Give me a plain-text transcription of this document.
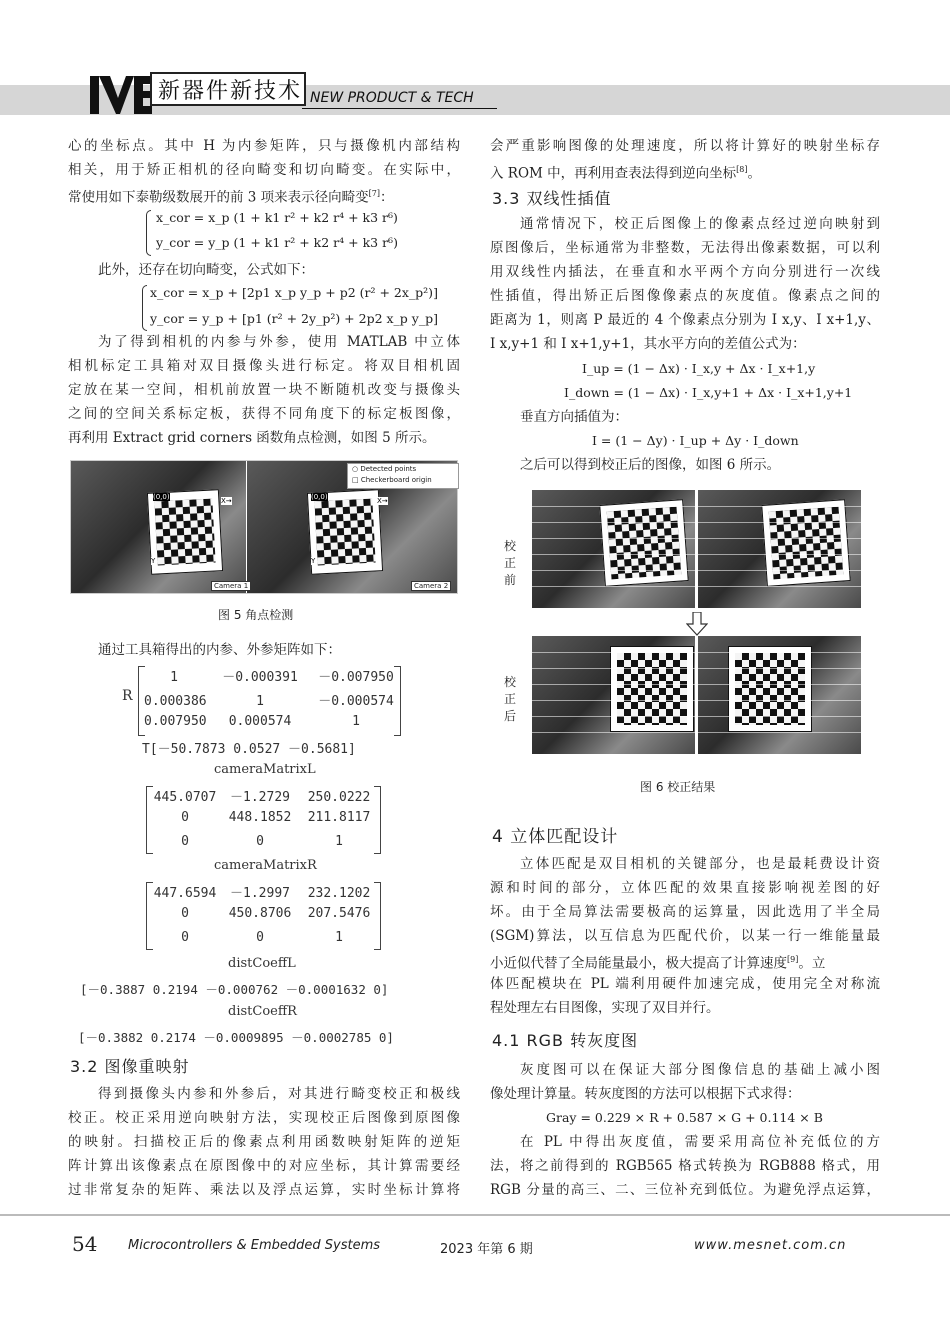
新器件新技术 NEW PRODUCT & TECH
心的坐标点。其中 H 为内参矩阵，只与摄像机内部结构
相关，用于矫正相机的径向畸变和切向畸变。在实际中，
常使用如下泰勒级数展开的前 3 项来表示径向畸变[7]：
x_cor = x_p (1 + k1 r² + k2 r⁴ + k3 r⁶)
y_cor = y_p (1 + k1 r² + k2 r⁴ + k3 r⁶)
此外，还存在切向畸变，公式如下：
x_cor = x_p + [2p1 x_p y_p + p2 (r² + 2x_p²)]
y_cor = y_p + [p1 (r² + 2y_p²) + 2p2 x_p y_p]
为了得到相机的内参与外参，使用 MATLAB 中立体
相机标定工具箱对双目摄像头进行标定。将双目相机固
定放在某一空间，相机前放置一块不断随机改变与摄像头
之间的空间关系标定板，获得不同角度下的标定板图像，
再利用 Extract grid corners 函数角点检测，如图 5 所示。
○ Detected points
□ Checkerboard origin
(0,0)	X→
Y
(0,0)	X→
Y
Camera 1	Camera 2
图 5 角点检测
通过工具箱得出的内参、外参矩阵如下：
R
1	－0.000391 －0.007950
0.000386	1	－0.000574
0.007950 0.000574	1
T[－50.7873 0.0527 －0.5681]
cameraMatrixL
445.0707 －1.2729 250.0222
0	448.1852 211.8117
0	0	1
cameraMatrixR
447.6594 －1.2997 232.1202
0	450.8706 207.5476
0	0	1
distCoeffL
[－0.3887 0.2194 －0.000762 －0.0001632 0]
distCoeffR
[－0.3882 0.2174 －0.0009895 －0.0002785 0]
3.2 图像重映射
得到摄像头内参和外参后，对其进行畸变校正和极线
校正。校正采用逆向映射方法，实现校正后图像到原图像
的映射。扫描校正后的像素点利用函数映射矩阵的逆矩
阵计算出该像素点在原图像中的对应坐标，其计算需要经
过非常复杂的矩阵、乘法以及浮点运算，实时坐标计算将
会严重影响图像的处理速度，所以将计算好的映射坐标存
入 ROM 中，再利用查表法得到逆向坐标[8]。
3.3 双线性插值
通常情况下，校正后图像上的像素点经过逆向映射到
原图像后，坐标通常为非整数，无法得出像素数据，可以利
用双线性内插法，在垂直和水平两个方向分别进行一次线
性插值，得出矫正后图像像素点的灰度值。像素点之间的
距离为 1，则离 P 最近的 4 个像素点分别为 I x,y、I x+1,y、
I x,y+1 和 I x+1,y+1，其水平方向的差值公式为：
I_up = (1 − Δx) · I_x,y + Δx · I_x+1,y
I_down = (1 − Δx) · I_x,y+1 + Δx · I_x+1,y+1
垂直方向插值为：
I = (1 − Δy) · I_up + Δy · I_down
之后可以得到校正后的图像，如图 6 所示。
校正前
校正后
图 6 校正结果
4 立体匹配设计
立体匹配是双目相机的关键部分，也是最耗费设计资
源和时间的部分，立体匹配的效果直接影响视差图的好
坏。由于全局算法需要极高的运算量，因此选用了半全局
(SGM)算法，以互信息为匹配代价，以某一行一维能量最
小近似代替了全局能量最小，极大提高了计算速度[9]。立
体匹配模块在 PL 端利用硬件加速完成，使用完全对称流
程处理左右目图像，实现了双目并行。
4.1 RGB 转灰度图
灰度图可以在保证大部分图像信息的基础上减小图
像处理计算量。转灰度图的方法可以根据下式求得：
Gray = 0.229 × R + 0.587 × G + 0.114 × B
在 PL 中得出灰度值，需要采用高位补充低位的方
法，将之前得到的 RGB565 格式转换为 RGB888 格式，用
RGB 分量的高三、二、三位补充到低位。为避免浮点运算，
54 Microcontrollers & Embedded Systems	2023 年第 6 期	www.mesnet.com.cn
